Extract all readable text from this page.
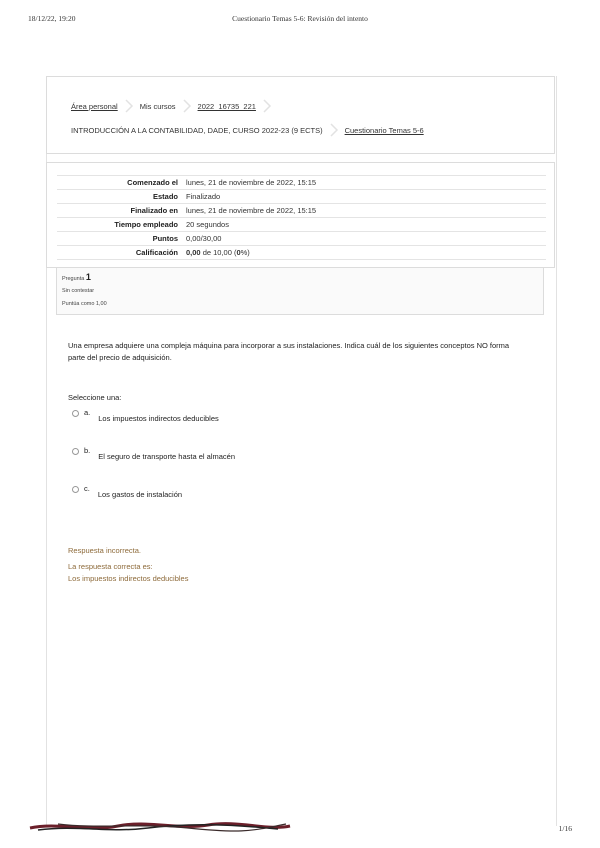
18/12/22, 19:20	Cuestionario Temas 5-6: Revisión del intento
Área personal	Mis cursos	2022_16735_221
INTRODUCCIÓN A LA CONTABILIDAD, DADE, CURSO 2022-23 (9 ECTS)	Cuestionario Temas 5-6
Comenzado el	lunes, 21 de noviembre de 2022, 15:15
Estado	Finalizado
Finalizado en	lunes, 21 de noviembre de 2022, 15:15
Tiempo empleado	20 segundos
Puntos	0,00/30,00
Calificación	0,00 de 10,00 (0%)
Pregunta 1
Sin contestar
Puntúa como 1,00
Una empresa adquiere una compleja máquina para incorporar a sus instalaciones. Indica cuál de los siguientes conceptos NO forma parte del precio de adquisición.
Seleccione una:
a.
Los impuestos indirectos deducibles
b.
El seguro de transporte hasta el almacén
c.
Los gastos de instalación
Respuesta incorrecta.
La respuesta correcta es:
Los impuestos indirectos deducibles
1/16
